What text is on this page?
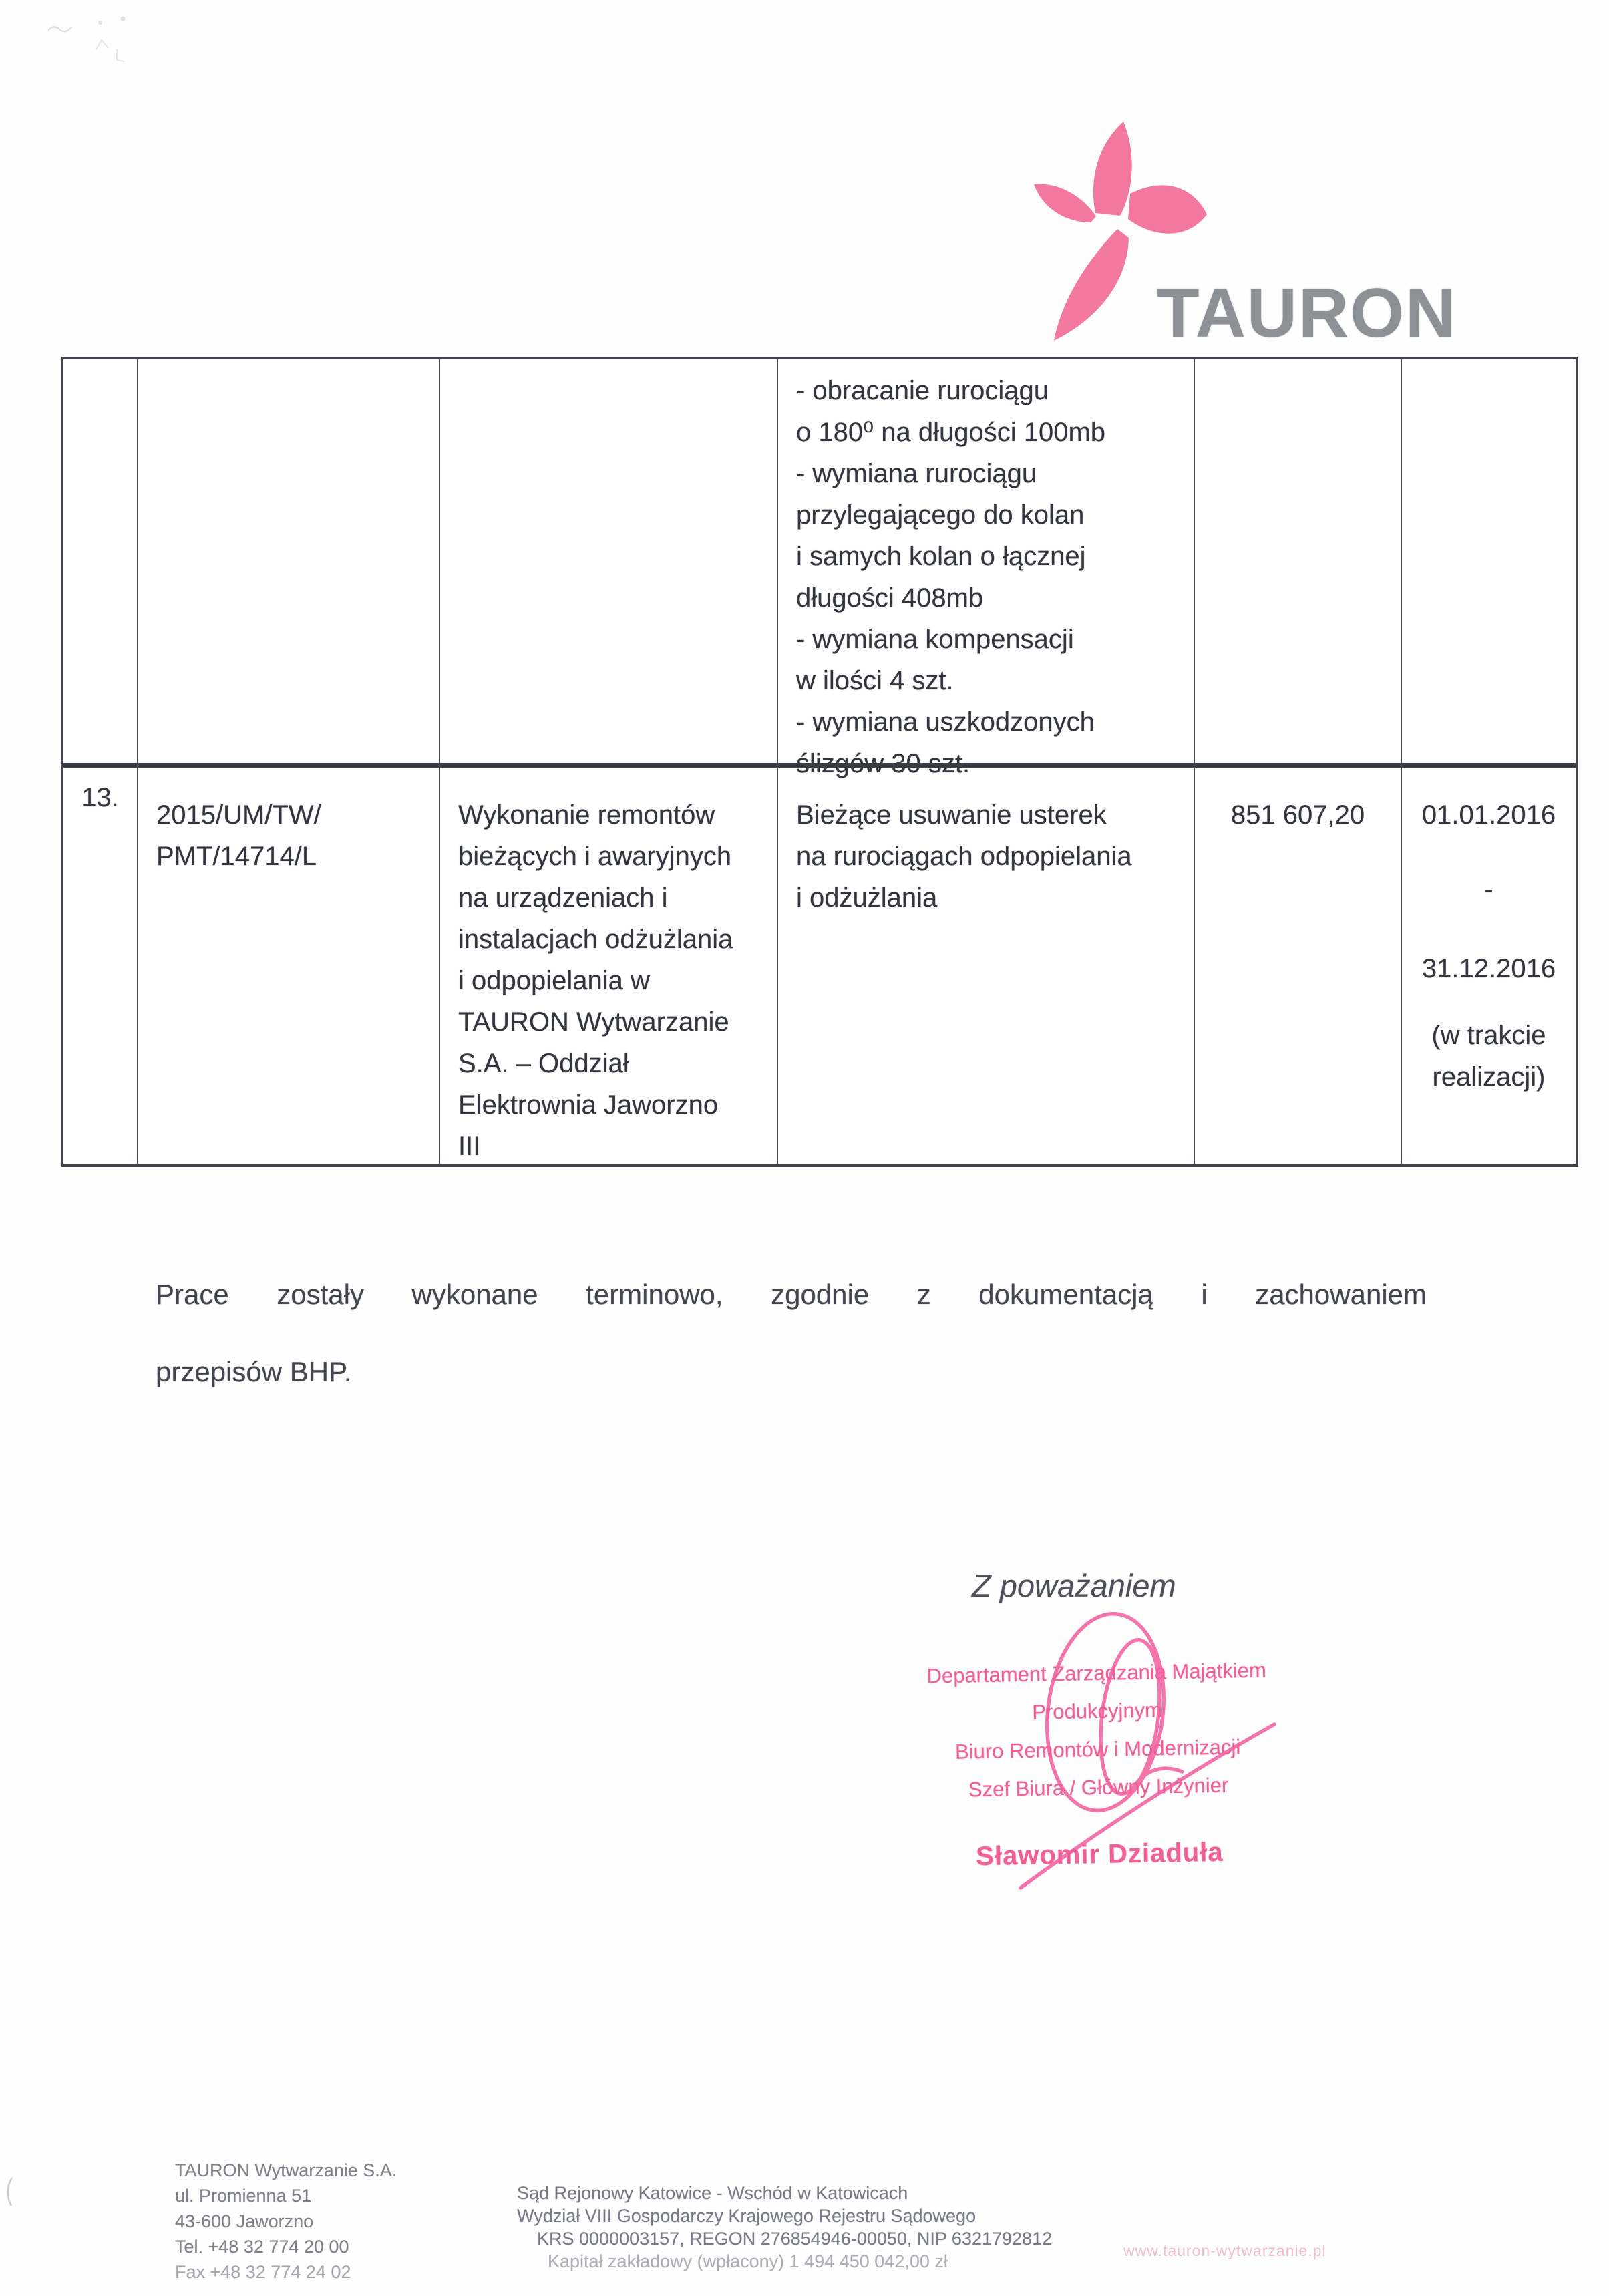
TAURON
- obracanie rurociągu
o 180⁰ na długości 100mb
- wymiana rurociągu
przylegającego do kolan
i samych kolan o łącznej
długości 408mb
- wymiana kompensacji
w ilości 4 szt.
- wymiana uszkodzonych
ślizgów 30 szt.
13.
2015/UM/TW/
PMT/14714/L
Wykonanie remontów
bieżących i awaryjnych
na urządzeniach i
instalacjach odżużlania
i odpopielania w
TAURON Wytwarzanie
S.A. – Oddział
Elektrownia Jaworzno
III
Bieżące usuwanie usterek
na rurociągach odpopielania
i odżużlania
851 607,20	01.01.2016
-
31.12.2016
(w trakcie
realizacji)
Prace zostały wykonane terminowo, zgodnie z dokumentacją i zachowaniem
przepisów BHP.
Z poważaniem
Departament Zarządzania Majątkiem Produkcyjnym
Biuro Remontów i Modernizacji
Szef Biura / Główny Inżynier
Sławomir Dziaduła
TAURON Wytwarzanie S.A.
ul. Promienna 51
43-600 Jaworzno
Tel. +48 32 774 20 00
Fax +48 32 774 24 02
Sąd Rejonowy Katowice - Wschód w Katowicach
Wydział VIII Gospodarczy Krajowego Rejestru Sądowego
KRS 0000003157, REGON 276854946-00050, NIP 6321792812
Kapitał zakładowy (wpłacony) 1 494 450 042,00 zł
www.tauron-wytwarzanie.pl
